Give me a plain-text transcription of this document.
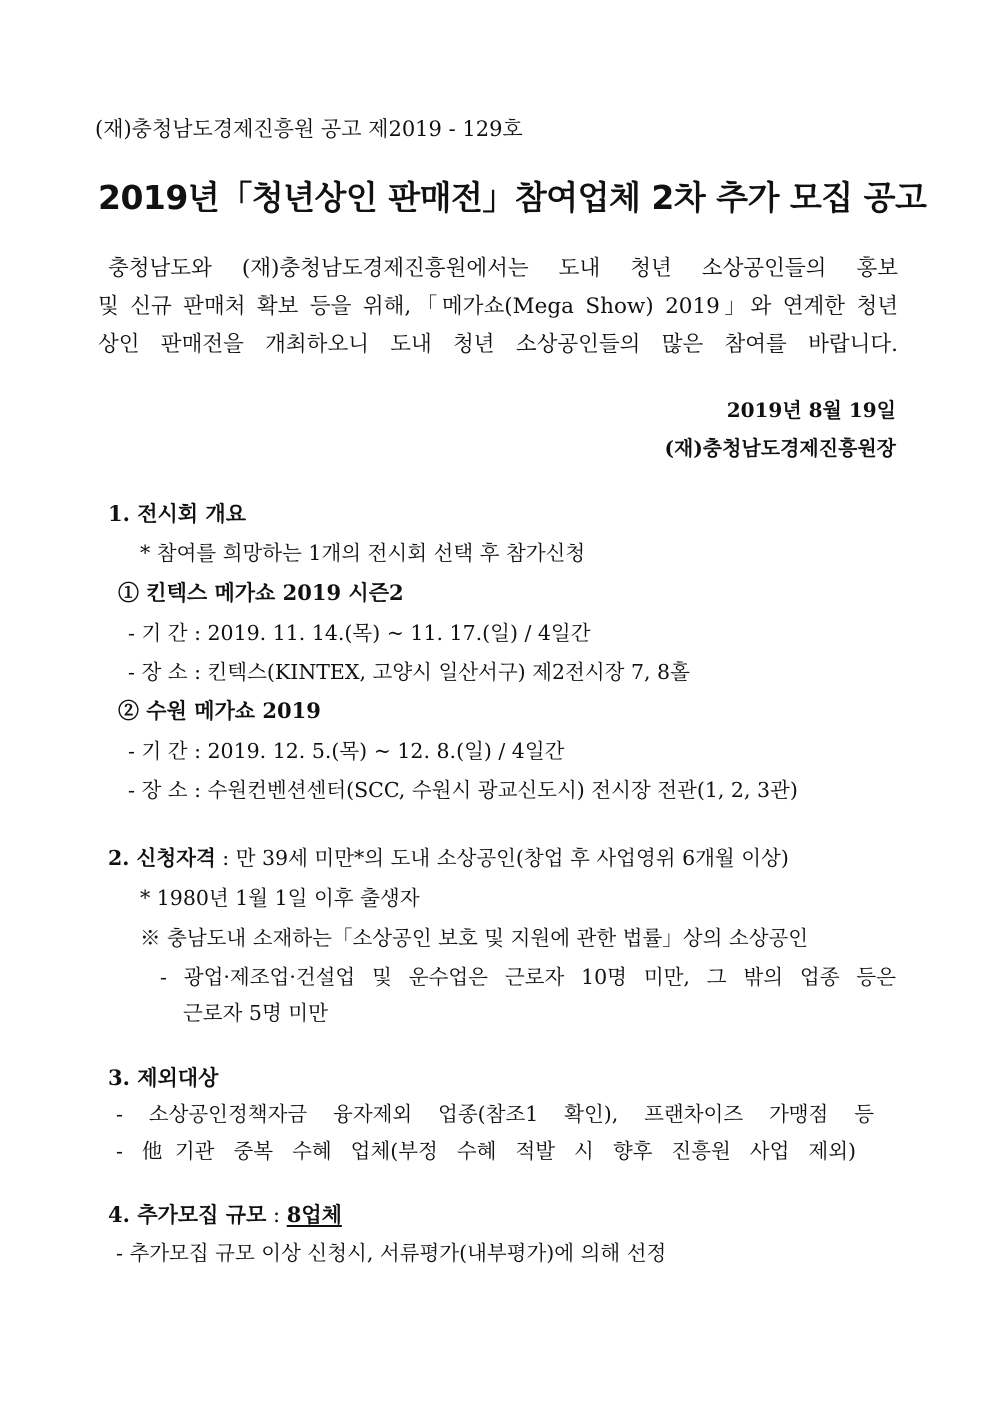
(재)충청남도경제진흥원 공고 제2019 - 129호
2019년「청년상인 판매전」참여업체 2차 추가 모집 공고
충청남도와 (재)충청남도경제진흥원에서는 도내 청년 소상공인들의 홍보
및 신규 판매처 확보 등을 위해,「메가쇼(Mega Show) 2019」와 연계한 청년
상인 판매전을 개최하오니 도내 청년 소상공인들의 많은 참여를 바랍니다.
2019년 8월 19일
(재)충청남도경제진흥원장
1. 전시회 개요
* 참여를 희망하는 1개의 전시회 선택 후 참가신청
① 킨텍스 메가쇼 2019 시즌2
- 기 간 : 2019. 11. 14.(목) ~ 11. 17.(일) / 4일간
- 장 소 : 킨텍스(KINTEX, 고양시 일산서구) 제2전시장 7, 8홀
② 수원 메가쇼 2019
- 기 간 : 2019. 12. 5.(목) ~ 12. 8.(일) / 4일간
- 장 소 : 수원컨벤션센터(SCC, 수원시 광교신도시) 전시장 전관(1, 2, 3관)
2. 신청자격 : 만 39세 미만*의 도내 소상공인(창업 후 사업영위 6개월 이상)
* 1980년 1월 1일 이후 출생자
※ 충남도내 소재하는「소상공인 보호 및 지원에 관한 법률」상의 소상공인
- 광업·제조업·건설업 및 운수업은 근로자 10명 미만, 그 밖의 업종 등은
근로자 5명 미만
3. 제외대상
- 소상공인정책자금 융자제외 업종(참조1 확인), 프랜차이즈 가맹점 등
- 他기관 중복 수혜 업체(부정 수혜 적발 시 향후 진흥원 사업 제외)
4. 추가모집 규모 : 8업체
- 추가모집 규모 이상 신청시, 서류평가(내부평가)에 의해 선정
